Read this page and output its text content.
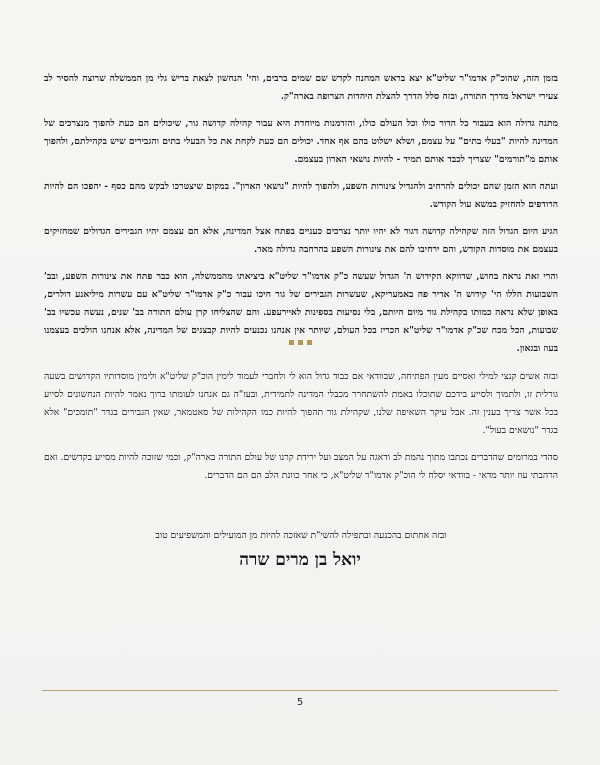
בזמן הזה, שהוכ"ק אדמו"ר שליט"א יצא בראש המחנה לקדש שם שמים ברבים, והי' הנחשון לצאת בריש גלי מן הממשלה שרוצה להסיר לב צעירי ישראל מדרך התורה, ובזה סלל הדרך להצלת היהדות הצרופה בארה"ק.

מתנה גדולה הוא בעבור כל הדור כולו וכל העולם כולו, והזדמנות מיוחדת היא עבור קהילה קדושה גור, שיכולים הם כעת להפוך מנצרכים של המדינה להיות "בעלי בתים" על עצמם, ושלא ישלוט בהם אף אחד. יכולים הם כעת לקחת את כל הבעלי בתים והגבירים שיש בקהילתם, ולהפוך אותם מ"תורמים" שצריך לכבד אותם תמיד - להיות נושאי הארון בעצמם.

ועתה הוא הזמן שהם יכולים להרחיב ולהגדיל צינורות השפע, ולהפוך להיות "נושאי הארון". במקום שיצטרכו לבקש מהם כסף - יהפכו הם להיות הרודפים להחזיק במשא עול הקודש.

הגיע היום הגדול הזה שקהילה קדושה דגור לא יהיו יותר נצרכים כעניים בפתח אצל המדינה, אלא הם עצמם יהיו הגבירים הגדולים שמחזיקים בעצמם את מוסדות הקודש, והם ירחיבו להם את צינורות השפע בהרחבה גדולה מאד.

והרי זאת נראה בחוש, שדווקא הקידוש ה' הגדול שעשה כ"ק אדמו"ר שליט"א ביציאתו מהממשלה, הוא כבר פתח את צינורות השפע, ובב' השבועות הללו הי' קידוש ה' אדיר פה באמעריקא, שעשרות הגבירים של גור חיכו עבור כ"ק אדמו"ר שליט"א עם עשרות מיליאנע דולרים, באופן שלא נראה כמותו בקהילת גור מיום היותם, בלי נסיעות בספינות לאיירעפע. והם שהצליחו קרן עולם התורה בב' שנים, נעשה עכשיו בב' שבועות, הכל מכח שכ"ק אדמו"ר שליט"א הכריז בכל העולם, שיותר אין אנחנו נכנעים להיות קבצנים של המדינה, אלא אנחנו הולכים בעצמנו בעוז ובגאון.

ובזה אשים קנצי למילי ואסיים מעין הפתיחה, שבוודאי אם כבוד גדול הוא לי ולחברי לעמוד לימין הוכ"ק שליט"א ולימין מוסדותיו הקדושים בשעה גורלית זו, ולתמוך ולסייע בידכם שתוכלו באמת להשתחרר מכבלי המדינה לתמידית, ובעז"ה גם אנחנו לעומתו ברוך נאמר להיות הנחשונים לסייע בכל אשר צריך בענין זה. אבל עיקר השאיפה שלנו, שקהילת גור תהפוך להיות כמו הקהילות של סאטמאר, שאין הגבירים בגדר "תומכים" אלא בגדר "נושאים בעול".

סהדי במרומים שהדברים נכתבו מתוך נהמת לב ודאגה על המצב ועל ירידת קרנו של עולם התורה בארה"ק, וכמי שזוכה להיות מסייע בקדשים. ואם הרהבתי עוז יותר מדאי - בוודאי יסלח לי הוכ"ק אדמו"ר שליט"א, כי אחר כוונת הלב הם הם הדברים.

ובזה אחתום בהכנעה ובתפילה להשי"ת שאזכה להיות מן המועילים והמשפיעים טוב
יואל בן מרים שרה
5
